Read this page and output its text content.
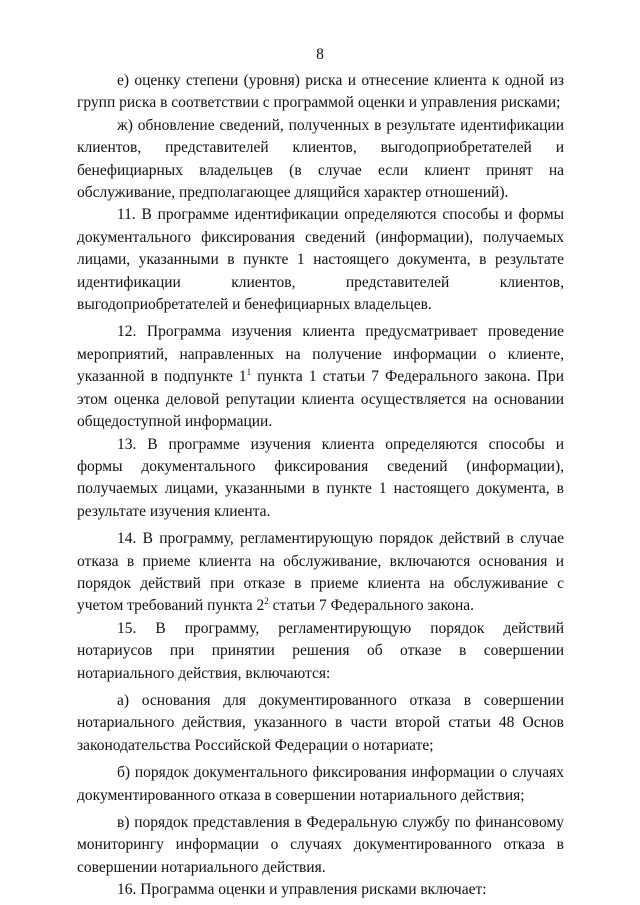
8

е) оценку степени (уровня) риска и отнесение клиента к одной из групп риска в соответствии с программой оценки и управления рисками;

ж) обновление сведений, полученных в результате идентификации клиентов, представителей клиентов, выгодоприобретателей и бенефициарных владельцев (в случае если клиент принят на обслуживание, предполагающее длящийся характер отношений).

11. В программе идентификации определяются способы и формы документального фиксирования сведений (информации), получаемых лицами, указанными в пункте 1 настоящего документа, в результате идентификации клиентов, представителей клиентов, выгодоприобретателей и бенефициарных владельцев.

12. Программа изучения клиента предусматривает проведение мероприятий, направленных на получение информации о клиенте, указанной в подпункте $1^1$ пункта 1 статьи 7 Федерального закона. При этом оценка деловой репутации клиента осуществляется на основании общедоступной информации.

13. В программе изучения клиента определяются способы и формы документального фиксирования сведений (информации), получаемых лицами, указанными в пункте 1 настоящего документа, в результате изучения клиента.

14. В программу, регламентирующую порядок действий в случае отказа в приеме клиента на обслуживание, включаются основания и порядок действий при отказе в приеме клиента на обслуживание с учетом требований пункта $2^2$ статьи 7 Федерального закона.

15. В программу, регламентирующую порядок действий нотариусов при принятии решения об отказе в совершении нотариального действия, включаются:

а) основания для документированного отказа в совершении нотариального действия, указанного в части второй статьи 48 Основ законодательства Российской Федерации о нотариате;

б) порядок документального фиксирования информации о случаях документированного отказа в совершении нотариального действия;

в) порядок представления в Федеральную службу по финансовому мониторингу информации о случаях документированного отказа в совершении нотариального действия.

16. Программа оценки и управления рисками включает:
